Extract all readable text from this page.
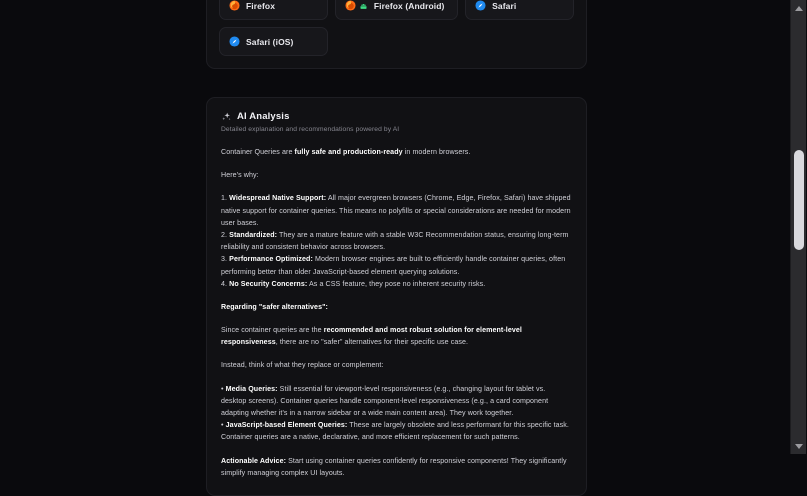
Firefox	Firefox (Android)	Safari
Safari (iOS)
AI Analysis
Detailed explanation and recommendations powered by AI

Container Queries are fully safe and production-ready in modern browsers.

Here's why:

1. Widespread Native Support: All major evergreen browsers (Chrome, Edge, Firefox, Safari) have shipped native support for container queries. This means no polyfills or special considerations are needed for modern user bases.

2. Standardized: They are a mature feature with a stable W3C Recommendation status, ensuring long-term reliability and consistent behavior across browsers.

3. Performance Optimized: Modern browser engines are built to efficiently handle container queries, often performing better than older JavaScript-based element querying solutions.

4. No Security Concerns: As a CSS feature, they pose no inherent security risks.

Regarding "safer alternatives":

Since container queries are the recommended and most robust solution for element-level responsiveness, there are no "safer" alternatives for their specific use case.

Instead, think of what they replace or complement:

• Media Queries: Still essential for viewport-level responsiveness (e.g., changing layout for tablet vs. desktop screens). Container queries handle component-level responsiveness (e.g., a card component adapting whether it's in a narrow sidebar or a wide main content area). They work together.

• JavaScript-based Element Queries: These are largely obsolete and less performant for this specific task. Container queries are a native, declarative, and more efficient replacement for such patterns.

Actionable Advice: Start using container queries confidently for responsive components! They significantly simplify managing complex UI layouts.
